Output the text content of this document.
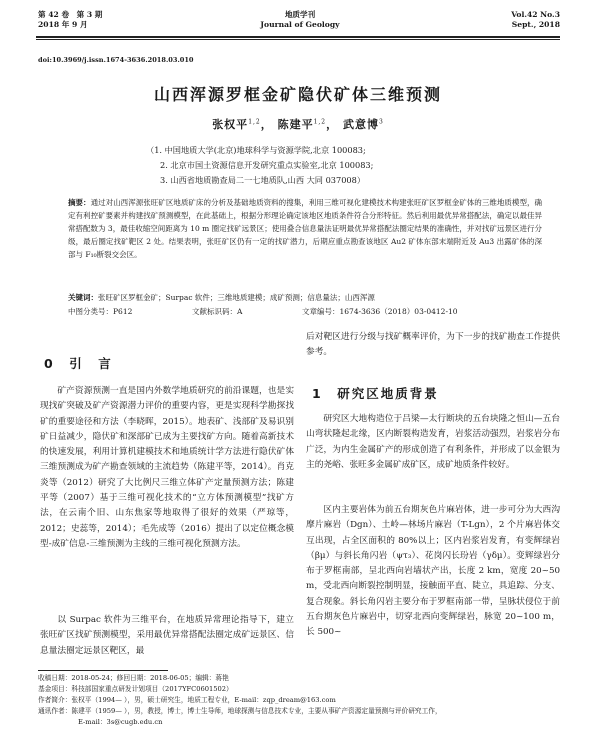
第 42 卷　第 3 期
2018 年 9 月
地质学刊
Journal of Geology
Vol.42 No.3
Sept., 2018
doi:10.3969/j.issn.1674-3636.2018.03.010
山西浑源罗框金矿隐伏矿体三维预测
张权平$^{1,2}$， 陈建平$^{1,2}$， 武意博$^3$
（1. 中国地质大学(北京)地球科学与资源学院,北京 100083;
2. 北京市国土资源信息开发研究重点实验室,北京 100083;
3. 山西省地质勘查局二一七地质队,山西 大同 037008）
摘要：通过对山西浑源张旺矿区地质矿床的分析及基础地质资料的搜集，利用三维可视化建模技术构建张旺矿区罗框金矿体的三维地质模型，确定有利控矿要素并构建找矿预测模型，在此基础上，根据分形理论确定该地区地质条件符合分形特征。然后利用最优异常搭配法，确定以最佳异常搭配数为 3，最佳收缩空间距离为 10 m 圈定找矿远景区；使用叠合信息量法证明最优异常搭配法圈定结果的准确性，并对找矿远景区进行分级，最后圈定找矿靶区 2 处。结果表明，张旺矿区仍有一定的找矿潜力，后期应重点勘查该地区 Au2 矿体东部末端附近及 Au3 出露矿体的深部与 F₁₀断裂交会区。
关键词：张旺矿区罗框金矿；Surpac 软件；三维地质建模；成矿预测；信息量法；山西浑源
中图分类号：P612	文献标识码：A	文章编号：1674-3636（2018）03-0412-10
0　 引　言
矿产资源预测一直是国内外数学地质研究的前沿课题，也是实现找矿突破及矿产资源潜力评价的重要内容，更是实现科学勘探找矿的重要途径和方法（李晓晖，2015）。地表矿、浅部矿及易识别矿日益减少，隐伏矿和深部矿已成为主要找矿方向。随着高新技术的快速发展，利用计算机建模技术和地质统计学方法进行隐伏矿体三维预测成为矿产勘查领域的主流趋势（陈建平等，2014）。肖克炎等（2012）研究了大比例尺三维立体矿产定量预测方法；陈建平等（2007）基于三维可视化技术的“立方体预测模型”找矿方法，在云南个旧、山东焦家等地取得了很好的效果（严琼等，2012；史蕊等，2014）；毛先成等（2016）提出了以定位概念模型-成矿信息-三维预测为主线的三维可视化预测方法。
以 Surpac 软件为三维平台，在地质异常理论指导下，建立张旺矿区找矿预测模型，采用最优异常搭配法圈定成矿远景区、信息量法圈定远景区靶区，最
后对靶区进行分级与找矿概率评价，为下一步的找矿勘查工作提供参考。
1　 研究区地质背景
研究区大地构造位于吕梁—太行断块的五台块隆之恒山—五台山弯状隆起北缘，区内断裂构造发育，岩浆活动强烈，岩浆岩分布广泛，为内生金属矿产的形成创造了有利条件，并形成了以金银为主的尧峪、张旺多金属矿成矿区，成矿地质条件较好。
区内主要岩体为前五台期灰色片麻岩体，进一步可分为大西沟摩片麻岩（Dgn）、土岭—林场片麻岩（T-Lgn），2 个片麻岩体交互出现，占全区面积的 80%以上；区内岩浆岩发育，有变辉绿岩（βμ）与斜长角闪岩（ψτ₃）、花岗闪长玢岩（γδμ）。变辉绿岩分布于罗框南部，呈北西向岩墙状产出，长度 2 km，宽度 20~50 m，受北西向断裂控制明显，接触面平直、陡立，具追踪、分支、复合现象。斜长角闪岩主要分布于罗框南部一带，呈脉状侵位于前五台期灰色片麻岩中，切穿北西向变辉绿岩，脉宽 20~100 m，长 500~
收稿日期：2018-05-24；修回日期：2018-06-05；编辑：蒋艳
基金项目：科技部国家重点研发计划项目（2017YFC0601502）
作者简介：张权平（1994— ），男，硕士研究生，地质工程专业，E-mail：zqp_dream@163.com
通讯作者：陈建平（1959— ），男，教授，博士，博士生导师，地球探测与信息技术专业，主要从事矿产资源定量预测与评价研究工作，
E-mail：3s@cugb.edu.cn
